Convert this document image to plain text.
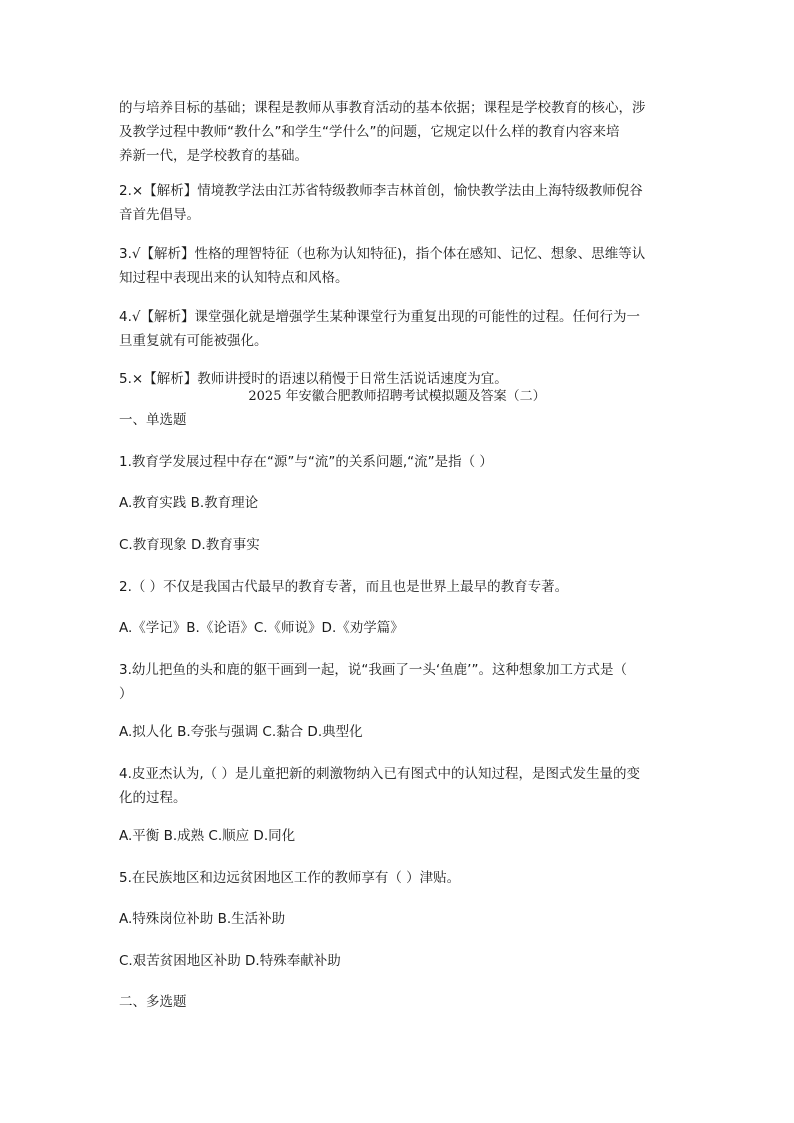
的与培养目标的基础；课程是教师从事教育活动的基本依据；课程是学校教育的核心，涉
及教学过程中教师“教什么”和学生“学什么”的问题，它规定以什么样的教育内容来培
养新一代，是学校教育的基础。

2.×【解析】情境教学法由江苏省特级教师李吉林首创，愉快教学法由上海特级教师倪谷
音首先倡导。

3.√【解析】性格的理智特征（也称为认知特征)，指个体在感知、记忆、想象、思维等认
知过程中表现出来的认知特点和风格。

4.√【解析】课堂强化就是增强学生某种课堂行为重复出现的可能性的过程。任何行为一
旦重复就有可能被强化。

5.×【解析】教师讲授时的语速以稍慢于日常生活说话速度为宜。

2025 年安徽合肥教师招聘考试模拟题及答案（二）

一、单选题

1.教育学发展过程中存在“源”与“流”的关系问题,“流”是指（ ）

A.教育实践 B.教育理论

C.教育现象 D.教育事实

2.（ ）不仅是我国古代最早的教育专著，而且也是世界上最早的教育专著。

A.《学记》B.《论语》C.《师说》D.《劝学篇》

3.幼儿把鱼的头和鹿的躯干画到一起，说“我画了一头‘鱼鹿’”。这种想象加工方式是（
）

A.拟人化 B.夸张与强调 C.黏合 D.典型化

4.皮亚杰认为,（ ）是儿童把新的刺激物纳入已有图式中的认知过程，是图式发生量的变
化的过程。

A.平衡 B.成熟 C.顺应 D.同化

5.在民族地区和边远贫困地区工作的教师享有（ ）津贴。

A.特殊岗位补助 B.生活补助

C.艰苦贫困地区补助 D.特殊奉献补助

二、多选题
